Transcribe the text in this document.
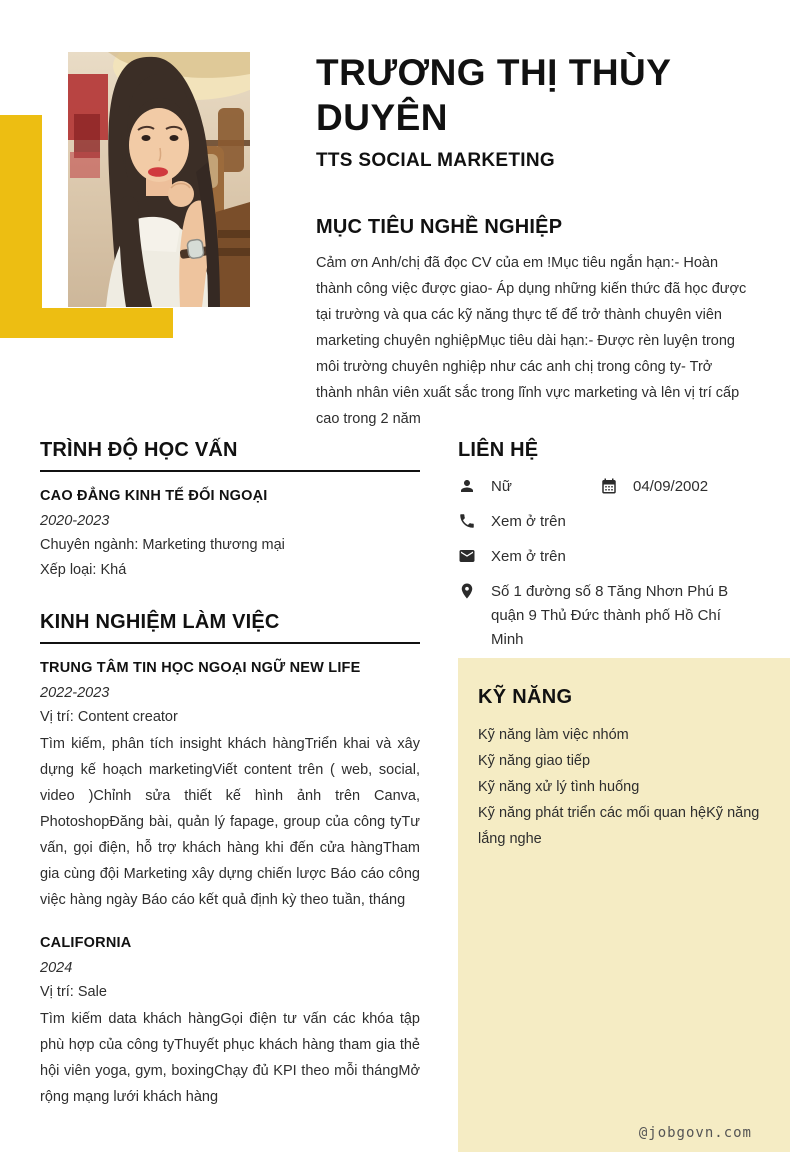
TRƯƠNG THỊ THÙY DUYÊN
TTS SOCIAL MARKETING
MỤC TIÊU NGHỀ NGHIỆP

Cảm ơn Anh/chị đã đọc CV của em !Mục tiêu ngắn hạn:- Hoàn thành công việc được giao- Áp dụng những kiến thức đã học được tại trường và qua các kỹ năng thực tế để trở thành chuyên viên marketing chuyên nghiệpMục tiêu dài hạn:- Được rèn luyện trong môi trường chuyên nghiệp như các anh chị trong công ty- Trở thành nhân viên xuất sắc trong lĩnh vực marketing và lên vị trí cấp cao trong 2 năm

TRÌNH ĐỘ HỌC VẤN

CAO ĐẲNG KINH TẾ ĐỐI NGOẠI

2020-2023

Chuyên ngành: Marketing thương mại

Xếp loại: Khá

KINH NGHIỆM LÀM VIỆC

TRUNG TÂM TIN HỌC NGOẠI NGỮ NEW LIFE

2022-2023

Vị trí: Content creator

Tìm kiếm, phân tích insight khách hàngTriển khai và xây dựng kế hoạch marketingViết content trên ( web, social, video )Chỉnh sửa thiết kế hình ảnh trên Canva, PhotoshopĐăng bài, quản lý fapage, group của công tyTư vấn, gọi điện, hỗ trợ khách hàng khi đến cửa hàngTham gia cùng đội Marketing xây dựng chiến lược Báo cáo công việc hàng ngày Báo cáo kết quả định kỳ theo tuần, tháng

CALIFORNIA

2024

Vị trí: Sale

Tìm kiếm data khách hàngGọi điện tư vấn các khóa tập phù hợp của công tyThuyết phục khách hàng tham gia thẻ hội viên yoga, gym, boxingChạy đủ KPI theo mỗi thángMở rộng mạng lưới khách hàng

LIÊN HỆ
Nữ	04/09/2002
Xem ở trên
Xem ở trên
Số 1 đường số 8 Tăng Nhơn Phú B quận 9 Thủ Đức thành phố Hồ Chí Minh
KỸ NĂNG
Kỹ năng làm việc nhóm
Kỹ năng giao tiếp
Kỹ năng xử lý tình huống
Kỹ năng phát triển các mối quan hệKỹ năng lắng nghe
@jobgovn.com
